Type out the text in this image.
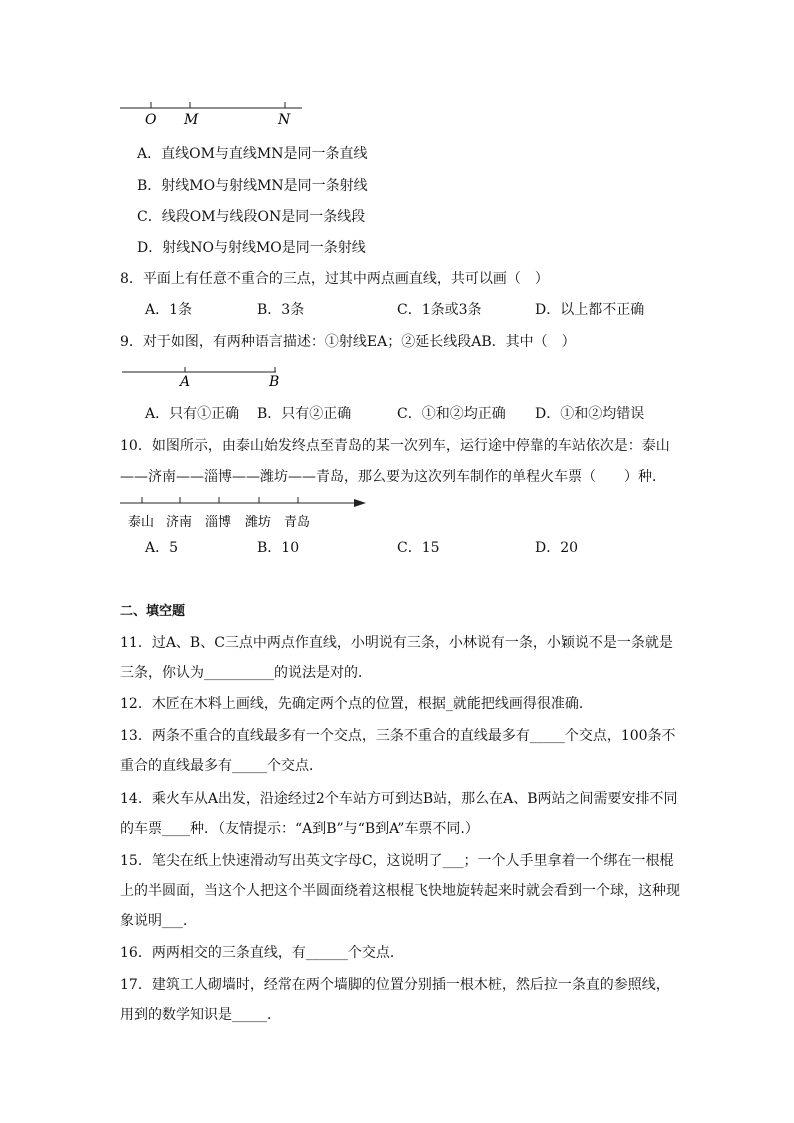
O M	N
A．直线OM与直线MN是同一条直线
B．射线MO与射线MN是同一条射线
C．线段OM与线段ON是同一条线段
D．射线NO与射线MO是同一条射线
8．平面上有任意不重合的三点，过其中两点画直线，共可以画（　）
A．1条	B．3条	C．1条或3条	D．以上都不正确
9．对于如图，有两种语言描述：①射线EA；②延长线段AB．其中（　）
A	B
A．只有①正确 B．只有②正确	C．①和②均正确 D．①和②均错误
10．如图所示，由泰山始发终点至青岛的某一次列车，运行途中停靠的车站依次是：泰山
——济南——淄博——潍坊——青岛，那么要为这次列车制作的单程火车票（　　）种．
泰山 济南 淄博 潍坊 青岛
A．5	B．10	C．15	D．20
二、填空题
11．过A、B、C三点中两点作直线，小明说有三条，小林说有一条，小颖说不是一条就是三条，你认为__________的说法是对的．
12．木匠在木料上画线，先确定两个点的位置，根据_就能把线画得很准确．
13．两条不重合的直线最多有一个交点，三条不重合的直线最多有_____个交点，100条不重合的直线最多有_____个交点．
14．乘火车从A出发，沿途经过2个车站方可到达B站，那么在A、B两站之间需要安排不同的车票____种．（友情提示：“A到B”与“B到A”车票不同.）
15．笔尖在纸上快速滑动写出英文字母C，这说明了___；一个人手里拿着一个绑在一根棍上的半圆面，当这个人把这个半圆面绕着这根棍飞快地旋转起来时就会看到一个球，这种现象说明___．
16．两两相交的三条直线，有______个交点．
17．建筑工人砌墙时，经常在两个墙脚的位置分别插一根木桩，然后拉一条直的参照线，用到的数学知识是_____．
